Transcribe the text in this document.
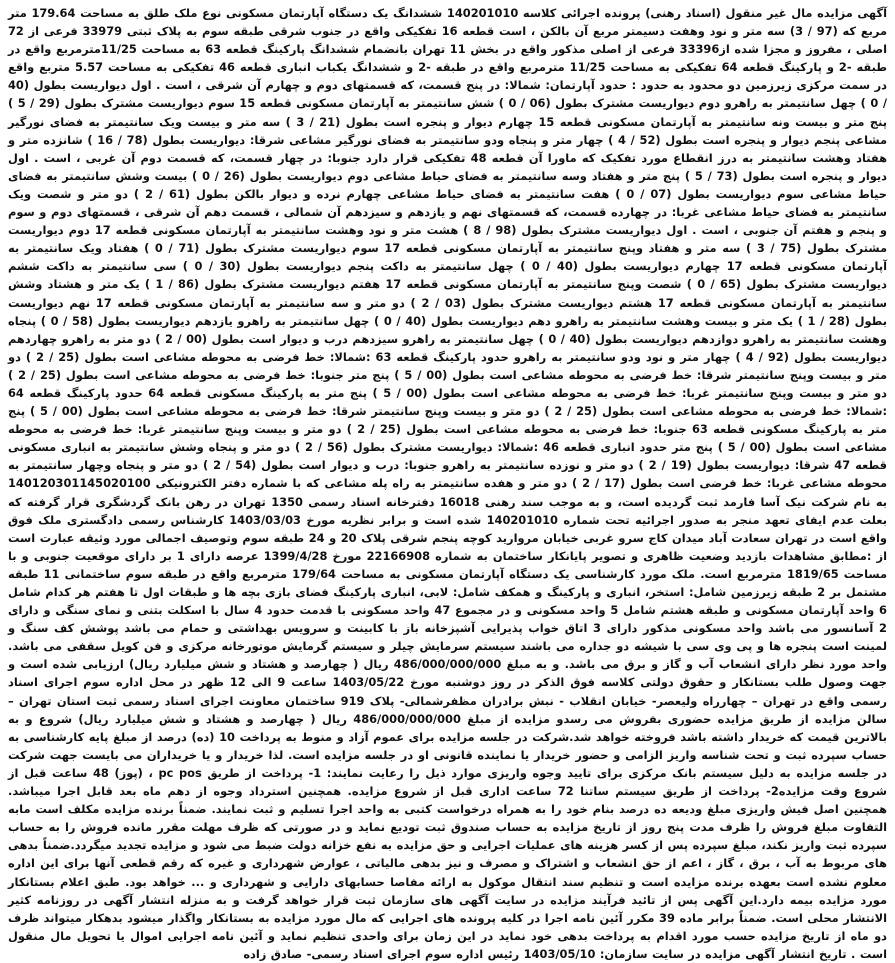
آگهی مزایده مال غیر منقول (اسناد رهنی) پرونده اجرائی کلاسه 140201010 ششدانگ یک دستگاه آپارتمان مسکونی نوع ملک طلق به مساحت 179.64 متر مربع که (97 / 3) سه متر و نود وهفت دسیمتر مربع آن بالکن ، است قطعه 16 تفکیکی واقع در جنوب شرقی طبقه سوم به پلاک ثبتی 33979 فرعی از 72 اصلی ، مفروز و مجزا شده از33396 فرعی از اصلی مذکور واقع در بخش 11 تهران بانضمام ششدانگ پارکینگ قطعه 63 به مساحت 11/25مترمربع واقع در طبقه -2 و پارکینگ قطعه 64 تفکیکی به مساحت 11/25 مترمربع واقع در طبقه -2 و ششدانگ یکباب انباری قطعه 46 تفکیکی به مساحت 5.57 متربع واقع در سمت مرکزی زیرزمین دو محدود به حدود : حدود آپارتمان: شمالا: در پنج قسمت، که قسمتهای دوم و چهارم آن شرقی ، است . اول دیواریست بطول (40 / 0 ) چهل سانتیمتر به راهرو دوم دیواریست مشترک بطول (06 / 0 ) شش سانتیمتر به آپارتمان مسکونی قطعه 15 سوم دیواریست مشترک بطول (29 / 5 ) پنج متر و بیست ونه سانتیمتر به آپارتمان مسکونی قطعه 15 چهارم دیوار و پنجره است بطول (21 / 3 ) سه متر و بیست ویک سانتیمتر به فضای نورگیر مشاعی پنجم دیوار و پنجره است بطول (52 / 4 ) چهار متر و پنجاه ودو سانتیمتر به فضای نورگیر مشاعی شرقا: دیواریست بطول (78 / 16 ) شانزده متر و هفتاد وهشت سانتیمتر به درز انقطاع مورد تفکیک که ماورا آن قطعه 48 تفکیکی قرار دارد جنوبا: در چهار قسمت، که قسمت دوم آن غربی ، است . اول دیوار و پنجره است بطول (73 / 5 ) پنج متر و هفتاد وسه سانتیمتر به فضای حیاط مشاعی دوم دیواریست بطول (26 / 0 ) بیست وشش سانتیمتر به فضای حیاط مشاعی سوم دیواریست بطول (07 / 0 ) هفت سانتیمتر به فضای حیاط مشاعی چهارم نرده و دیوار بالکن بطول (61 / 2 ) دو متر و شصت ویک سانتیمتر به فضای حیاط مشاعی غربا: در چهارده قسمت، که قسمتهای نهم و یازدهم و سیزدهم آن شمالی ، قسمت دهم آن شرقی ، قسمتهای دوم و سوم و پنجم و هفتم آن جنوبی ، است . اول دیواریست مشترک بطول (98 / 8 ) هشت متر و نود وهشت سانتیمتر به آپارتمان مسکونی قطعه 17 دوم دیواریست مشترک بطول (75 / 3 ) سه متر و هفتاد وپنج سانتیمتر به آپارتمان مسکونی قطعه 17 سوم دیواریست مشترک بطول (71 / 0 ) هفتاد ویک سانتیمتر به آپارتمان مسکونی قطعه 17 چهارم دیواریست بطول (40 / 0 ) چهل سانتیمتر به داکت پنجم دیواریست بطول (30 / 0 ) سی سانتیمتر به داکت ششم دیواریست مشترک بطول (65 / 0 ) شصت وپنج سانتیمتر به آپارتمان مسکونی قطعه 17 هفتم دیواریست مشترک بطول (86 / 1 ) یک متر و هشتاد وشش سانتیمتر به آپارتمان مسکونی قطعه 17 هشتم دیواریست مشترک بطول (03 / 2 ) دو متر و سه سانتیمتر به آپارتمان مسکونی قطعه 17 نهم دیواریست بطول (28 / 1 ) یک متر و بیست وهشت سانتیمتر به راهرو دهم دیواریست بطول (40 / 0 ) چهل سانتیمتر به راهرو یازدهم دیواریست بطول (58 / 0 ) پنجاه وهشت سانتیمتر به راهرو دوازدهم دیواریست بطول (40 / 0 ) چهل سانتیمتر به راهرو سیزدهم درب و دیوار است بطول (00 / 2 ) دو متر به راهرو چهاردهم دیواریست بطول (92 / 4 ) چهار متر و نود ودو سانتیمتر به راهرو حدود پارکینگ قطعه 63 :شمالا: خط فرضی به محوطه مشاعی است بطول (25 / 2 ) دو متر و بیست وپنج سانتیمتر شرقا: خط فرضی به محوطه مشاعی است بطول (00 / 5 ) پنج متر جنوبا: خط فرضی به محوطه مشاعی است بطول (25 / 2 ) دو متر و بیست وپنج سانتیمتر غربا: خط فرضی به محوطه مشاعی است بطول (00 / 5 ) پنج متر به پارکینگ مسکونی قطعه 64 حدود پارکینگ قطعه 64 :شمالا: خط فرضی به محوطه مشاعی است بطول (25 / 2 ) دو متر و بیست وپنج سانتیمتر شرقا: خط فرضی به محوطه مشاعی است بطول (00 / 5 ) پنج متر به پارکینگ مسکونی قطعه 63 جنوبا: خط فرضی به محوطه مشاعی است بطول (25 / 2 ) دو متر و بیست وپنج سانتیمتر غربا: خط فرضی به محوطه مشاعی است بطول (00 / 5 ) پنج متر حدود انباری قطعه 46 :شمالا: دیواریست مشترک بطول (56 / 2 ) دو متر و پنجاه وشش سانتیمتر به انباری مسکونی قطعه 47 شرقا: دیواریست بطول (19 / 2 ) دو متر و نوزده سانتیمتر به راهرو جنوبا: درب و دیوار است بطول (54 / 2 ) دو متر و پنجاه وچهار سانتیمتر به محوطه مشاعی غربا: خط فرضی است بطول (17 / 2 ) دو متر و هفده سانتیمتر به راه پله مشاعی که با شماره دفتر الکترونیکی 140120301145020100 به نام شرکت نیک آسا فارمد ثبت گردیده است، و به موجب سند رهنی 16018 دفترخانه اسناد رسمی 1350 تهران در رهن بانک گردشگری قرار گرفته که بعلت عدم ایفای تعهد منجر به صدور اجرائیه تحت شماره 140201010 شده است و برابر نظریه مورخ 1403/03/03 کارشناس رسمی دادگستری ملک فوق واقع است در تهران سعادت آباد میدان کاج سرو غربی خیابان مروارید کوچه پنجم شرقی پلاک 20 و 24 طبقه سوم وتوصیف اجمالی مورد وثیقه عبارت است از :مطابق مشاهدات بازدید وضعیت ظاهری و تصویر پایانکار ساختمان به شماره 22166908 مورخ 1399/4/28 عرصه دارای 1 بر دارای موقعیت جنوبی و با مساحت 1819/65 مترمربع است. ملک مورد کارشناسی یک دستگاه آپارتمان مسکونی به مساحت 179/64 مترمربع واقع در طبقه سوم ساختمانی 11 طبقه مشتمل بر 2 طبقه زیرزمین شامل: استخر، انباری و پارکینگ و همکف شامل: لابی، انباری پارکینگ فضای بازی بچه ها و طبقات اول تا هفتم هر کدام شامل 6 واحد آپارتمان مسکونی و طبقه هشتم شامل 5 واحد مسکونی و در مجموع 47 واحد مسکونی با قدمت حدود 4 سال با اسکلت بتنی و نمای سنگی و دارای 2 آسانسور می باشد واحد مسکونی مذکور دارای 3 اتاق خواب پذیرایی آشپزخانه باز با کابینت و سرویس بهداشتی و حمام می باشد پوشش کف سنگ و لمینت است پنجره ها و پی وی سی با شیشه دو جداره می باشند سیستم سرمایش چیلر و سیستم گرمایش موتورخانه مرکزی و فن کویل سقفی می باشد. واحد مورد نظر دارای انشعاب آب و گاز و برق می باشد. و به مبلغ 486/000/000/000 ریال ( چهارصد و هشتاد و شش میلیارد ریال) ارزیابی شده است و جهت وصول طلب بستانکار و حقوق دولتی کلاسه فوق الذکر در روز دوشنبه مورخ 1403/05/22 ساعت 9 الی 12 ظهر در محل اداره سوم اجرای اسناد رسمی واقع در تهران – چهارراه ولیعصر- خیابان انقلاب - نبش برادران مظفرشمالی- پلاک 919 ساختمان معاونت اجرای اسناد رسمی ثبت استان تهران – سالن مزایده از طریق مزایده حضوری بفروش می رسدو مزایده از مبلغ 486/000/000/000 ریال ( چهارصد و هشتاد و شش میلیارد ریال) شروع و به بالاترین قیمت که خریدار داشته باشد فروخته خواهد شد.شرکت در جلسه مزایده برای عموم آزاد و منوط به پرداخت 10 (ده) درصد از مبلغ پایه کارشناسی به حساب سپرده ثبت و تحت شناسه واریز الزامی و حضور خریدار یا نماینده قانونی او در جلسه مزایده است. لذا خریدار و یا خریداران می بایست جهت شرکت در جلسه مزایده به دلیل سیستم بانک مرکزی برای تایید وجوه واریزی موارد ذیل را رعایت نمایند: 1- پرداخت از طریق pc pos ، (پوز) 48 ساعت قبل از شروع وقت مزایده2- پرداخت از طریق سیستم ساتنا 72 ساعت اداری قبل از شروع مزایده. همچنین استرداد وجوه از دهم ماه بعد قابل اجرا میباشد. همچنین اصل فیش واریزی مبلغ ودیعه ده درصد بنام خود را به همراه درخواست کتبی به واحد اجرا تسلیم و ثبت نمایند. ضمناً برنده مزایده مکلف است مابه التفاوت مبلغ فروش را ظرف مدت پنج روز از تاریخ مزایده به حساب صندوق ثبت تودیع نماید و در صورتی که ظرف مهلت مقرر مانده فروش را به حساب سپرده ثبت واریز نکند، مبلغ سپرده پس از کسر هزینه های عملیات اجرایی و حق مزایده به نفع خزانه دولت ضبط می شود و مزایده تجدید میگردد.ضمناً بدهی های مربوط به آب ، برق ، گاز ، اعم از حق انشعاب و اشتراک و مصرف و نیز بدهی مالیاتی ، عوارض شهرداری و غیره که رقم قطعی آنها برای این اداره معلوم نشده است بعهده برنده مزایده است و تنظیم سند انتقال موکول به ارائه مفاصا حسابهای دارایی و شهرداری و ... خواهد بود. طبق اعلام بستانکار مورد مزایده بیمه دارد.این آگهی پس از تائید فرآیند مزایده در سایت آگهی های سازمان ثبت قرار خواهد گرفت و به منزله انتشار آگهی در روزنامه کثیر الانتشار محلی است. ضمناً برابر ماده 39 مکرر آئین نامه اجرا در کلیه پرونده های اجرایی که مال مورد مزایده به بستانکار واگذار میشود بدهکار میتواند ظرف دو ماه از تاریخ مزایده حسب مورد اقدام به پرداخت بدهی خود نماید در این زمان برای واحدی تنظیم نماید و آئین نامه اجرایی اموال یا تحویل مال منقول است . تاریخ انتشار آگهی مزایده در سایت سازمان: 1403/05/10 رئیس اداره سوم اجرای اسناد رسمی- صادق زاده
